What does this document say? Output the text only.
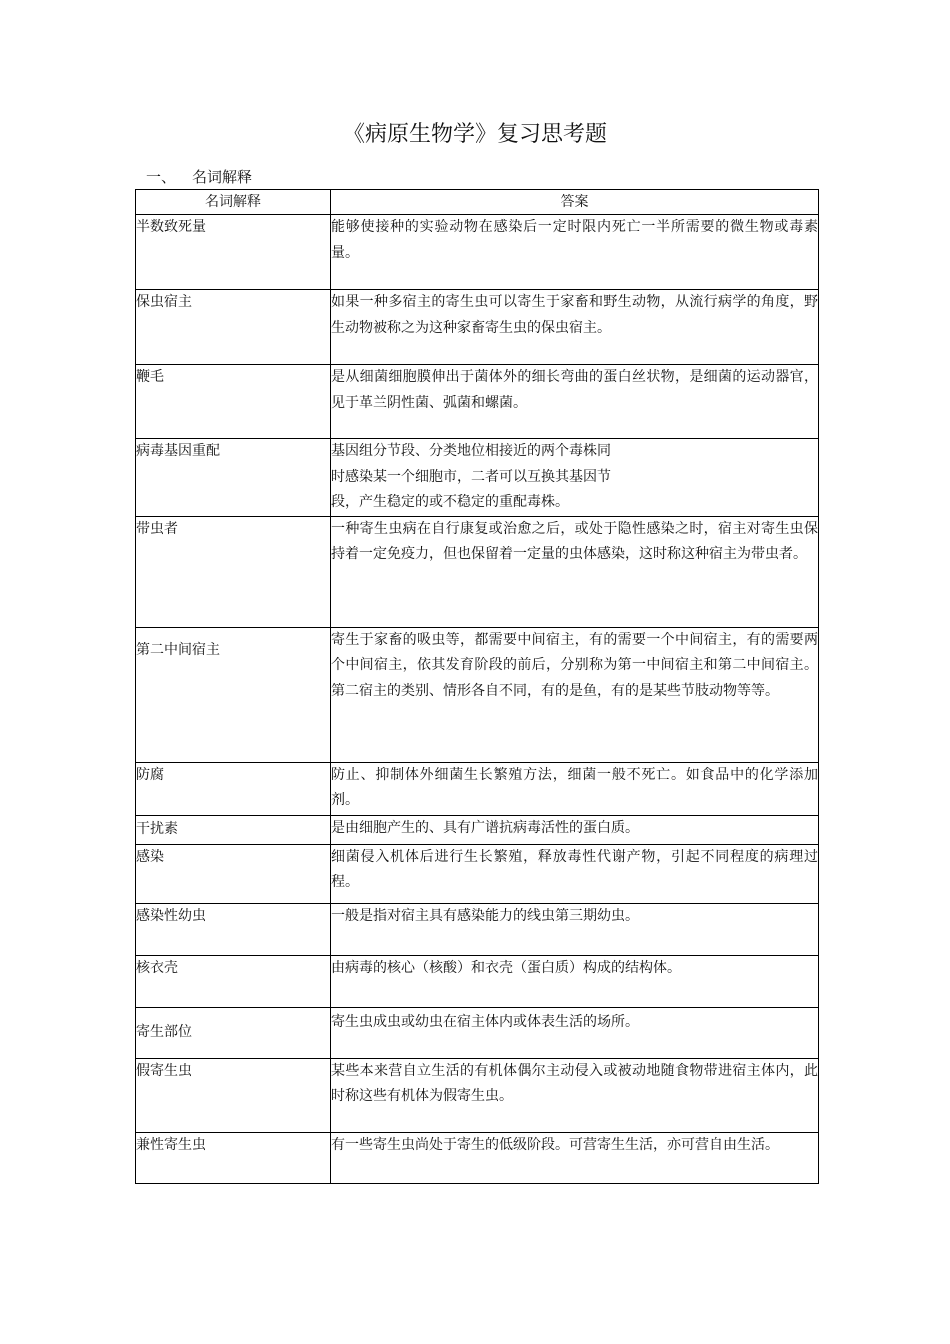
《病原生物学》复习思考题
一、 名词解释
名词解释	答案
半数致死量	能够使接种的实验动物在感染后一定时限内死亡一半所需要的微生物或毒素量。
保虫宿主	如果一种多宿主的寄生虫可以寄生于家畜和野生动物，从流行病学的角度，野生动物被称之为这种家畜寄生虫的保虫宿主。
鞭毛	是从细菌细胞膜伸出于菌体外的细长弯曲的蛋白丝状物，是细菌的运动器官，见于革兰阴性菌、弧菌和螺菌。
病毒基因重配	基因组分节段、分类地位相接近的两个毒株同
时感染某一个细胞市，二者可以互换其基因节
段，产生稳定的或不稳定的重配毒株。

带虫者	一种寄生虫病在自行康复或治愈之后，或处于隐性感染之时，宿主对寄生虫保持着一定免疫力，但也保留着一定量的虫体感染，这时称这种宿主为带虫者。
第二中间宿主	寄生于家畜的吸虫等，都需要中间宿主，有的需要一个中间宿主，有的需要两个中间宿主，依其发育阶段的前后，分别称为第一中间宿主和第二中间宿主。第二宿主的类别、情形各自不同，有的是鱼，有的是某些节肢动物等等。
防腐	防止、抑制体外细菌生长繁殖方法，细菌一般不死亡。如食品中的化学添加剂。
干扰素	是由细胞产生的、具有广谱抗病毒活性的蛋白质。
感染	细菌侵入机体后进行生长繁殖，释放毒性代谢产物，引起不同程度的病理过程。
感染性幼虫	一般是指对宿主具有感染能力的线虫第三期幼虫。
核衣壳	由病毒的核心（核酸）和衣壳（蛋白质）构成的结构体。
寄生部位	寄生虫成虫或幼虫在宿主体内或体表生活的场所。
假寄生虫	某些本来营自立生活的有机体偶尔主动侵入或被动地随食物带进宿主体内，此时称这些有机体为假寄生虫。
兼性寄生虫	有一些寄生虫尚处于寄生的低级阶段。可营寄生生活，亦可营自由生活。
